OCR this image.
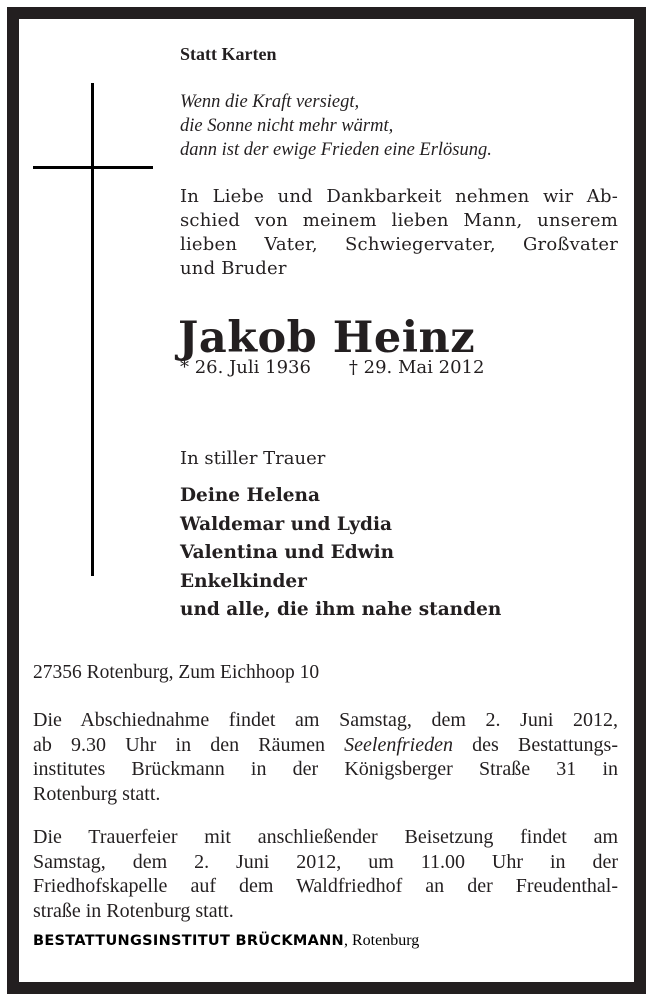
Statt Karten
Wenn die Kraft versiegt,
die Sonne nicht mehr wärmt,
dann ist der ewige Frieden eine Erlösung.
In Liebe und Dankbarkeit nehmen wir Ab-
schied von meinem lieben Mann, unserem
lieben Vater, Schwiegervater, Großvater
und Bruder
Jakob Heinz
* 26. Juli 1936 † 29. Mai 2012
In stiller Trauer
Deine Helena
Waldemar und Lydia
Valentina und Edwin
Enkelkinder
und alle, die ihm nahe standen
27356 Rotenburg, Zum Eichhoop 10
Die Abschiednahme findet am Samstag, dem 2. Juni 2012,
ab 9.30 Uhr in den Räumen Seelenfrieden des Bestattungs-
institutes Brückmann in der Königsberger Straße 31 in
Rotenburg statt.
Die Trauerfeier mit anschließender Beisetzung findet am
Samstag, dem 2. Juni 2012, um 11.00 Uhr in der
Friedhofskapelle auf dem Waldfriedhof an der Freudenthal-
straße in Rotenburg statt.
BESTATTUNGSINSTITUT BRÜCKMANN , Rotenburg
